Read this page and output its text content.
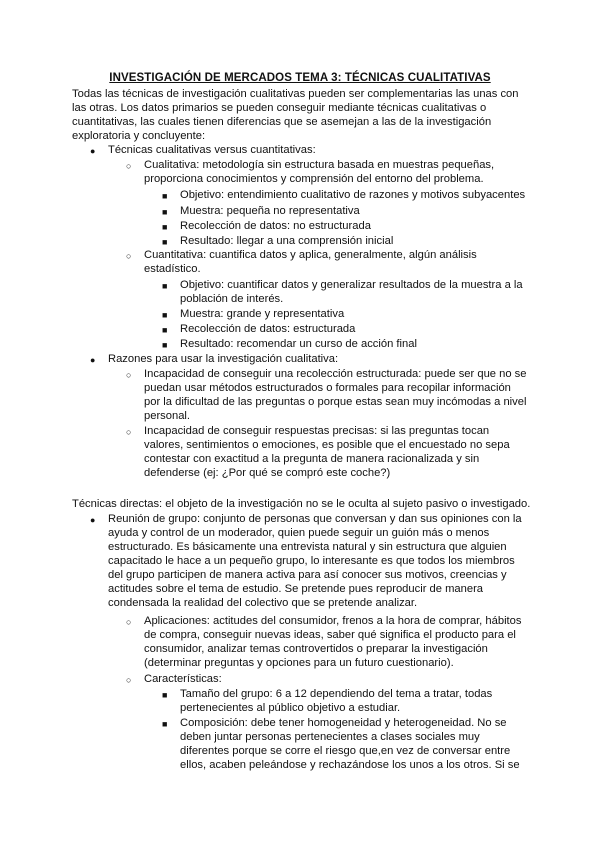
INVESTIGACIÓN DE MERCADOS TEMA 3: TÉCNICAS CUALITATIVAS
Todas las técnicas de investigación cualitativas pueden ser complementarias las unas con
las otras. Los datos primarios se pueden conseguir mediante técnicas cualitativas o
cuantitativas, las cuales tienen diferencias que se asemejan a las de la investigación
exploratoria y concluyente:
●
Técnicas cualitativas versus cuantitativas:
○
Cualitativa: metodología sin estructura basada en muestras pequeñas,
proporciona conocimientos y comprensión del entorno del problema.
■
Objetivo: entendimiento cualitativo de razones y motivos subyacentes
■
Muestra: pequeña no representativa
■
Recolección de datos: no estructurada
■
Resultado: llegar a una comprensión inicial
○
Cuantitativa: cuantifica datos y aplica, generalmente, algún análisis
estadístico.
■
Objetivo: cuantificar datos y generalizar resultados de la muestra a la
población de interés.
■
Muestra: grande y representativa
■
Recolección de datos: estructurada
■
Resultado: recomendar un curso de acción final
●
Razones para usar la investigación cualitativa:
○
Incapacidad de conseguir una recolección estructurada: puede ser que no se
puedan usar métodos estructurados o formales para recopilar información
por la dificultad de las preguntas o porque estas sean muy incómodas a nivel
personal.
○
Incapacidad de conseguir respuestas precisas: si las preguntas tocan
valores, sentimientos o emociones, es posible que el encuestado no sepa
contestar con exactitud a la pregunta de manera racionalizada y sin
defenderse (ej: ¿Por qué se compró este coche?)
Técnicas directas: el objeto de la investigación no se le oculta al sujeto pasivo o investigado.
●
Reunión de grupo: conjunto de personas que conversan y dan sus opiniones con la
ayuda y control de un moderador, quien puede seguir un guión más o menos
estructurado. Es básicamente una entrevista natural y sin estructura que alguien
capacitado le hace a un pequeño grupo, lo interesante es que todos los miembros
del grupo participen de manera activa para así conocer sus motivos, creencias y
actitudes sobre el tema de estudio. Se pretende pues reproducir de manera
condensada la realidad del colectivo que se pretende analizar.
○
Aplicaciones: actitudes del consumidor, frenos a la hora de comprar, hábitos
de compra, conseguir nuevas ideas, saber qué significa el producto para el
consumidor, analizar temas controvertidos o preparar la investigación
(determinar preguntas y opciones para un futuro cuestionario).
○
Características:
■
Tamaño del grupo: 6 a 12 dependiendo del tema a tratar, todas
pertenecientes al público objetivo a estudiar.
■
Composición: debe tener homogeneidad y heterogeneidad. No se
deben juntar personas pertenecientes a clases sociales muy
diferentes porque se corre el riesgo que,en vez de conversar entre
ellos, acaben peleándose y rechazándose los unos a los otros. Si se
